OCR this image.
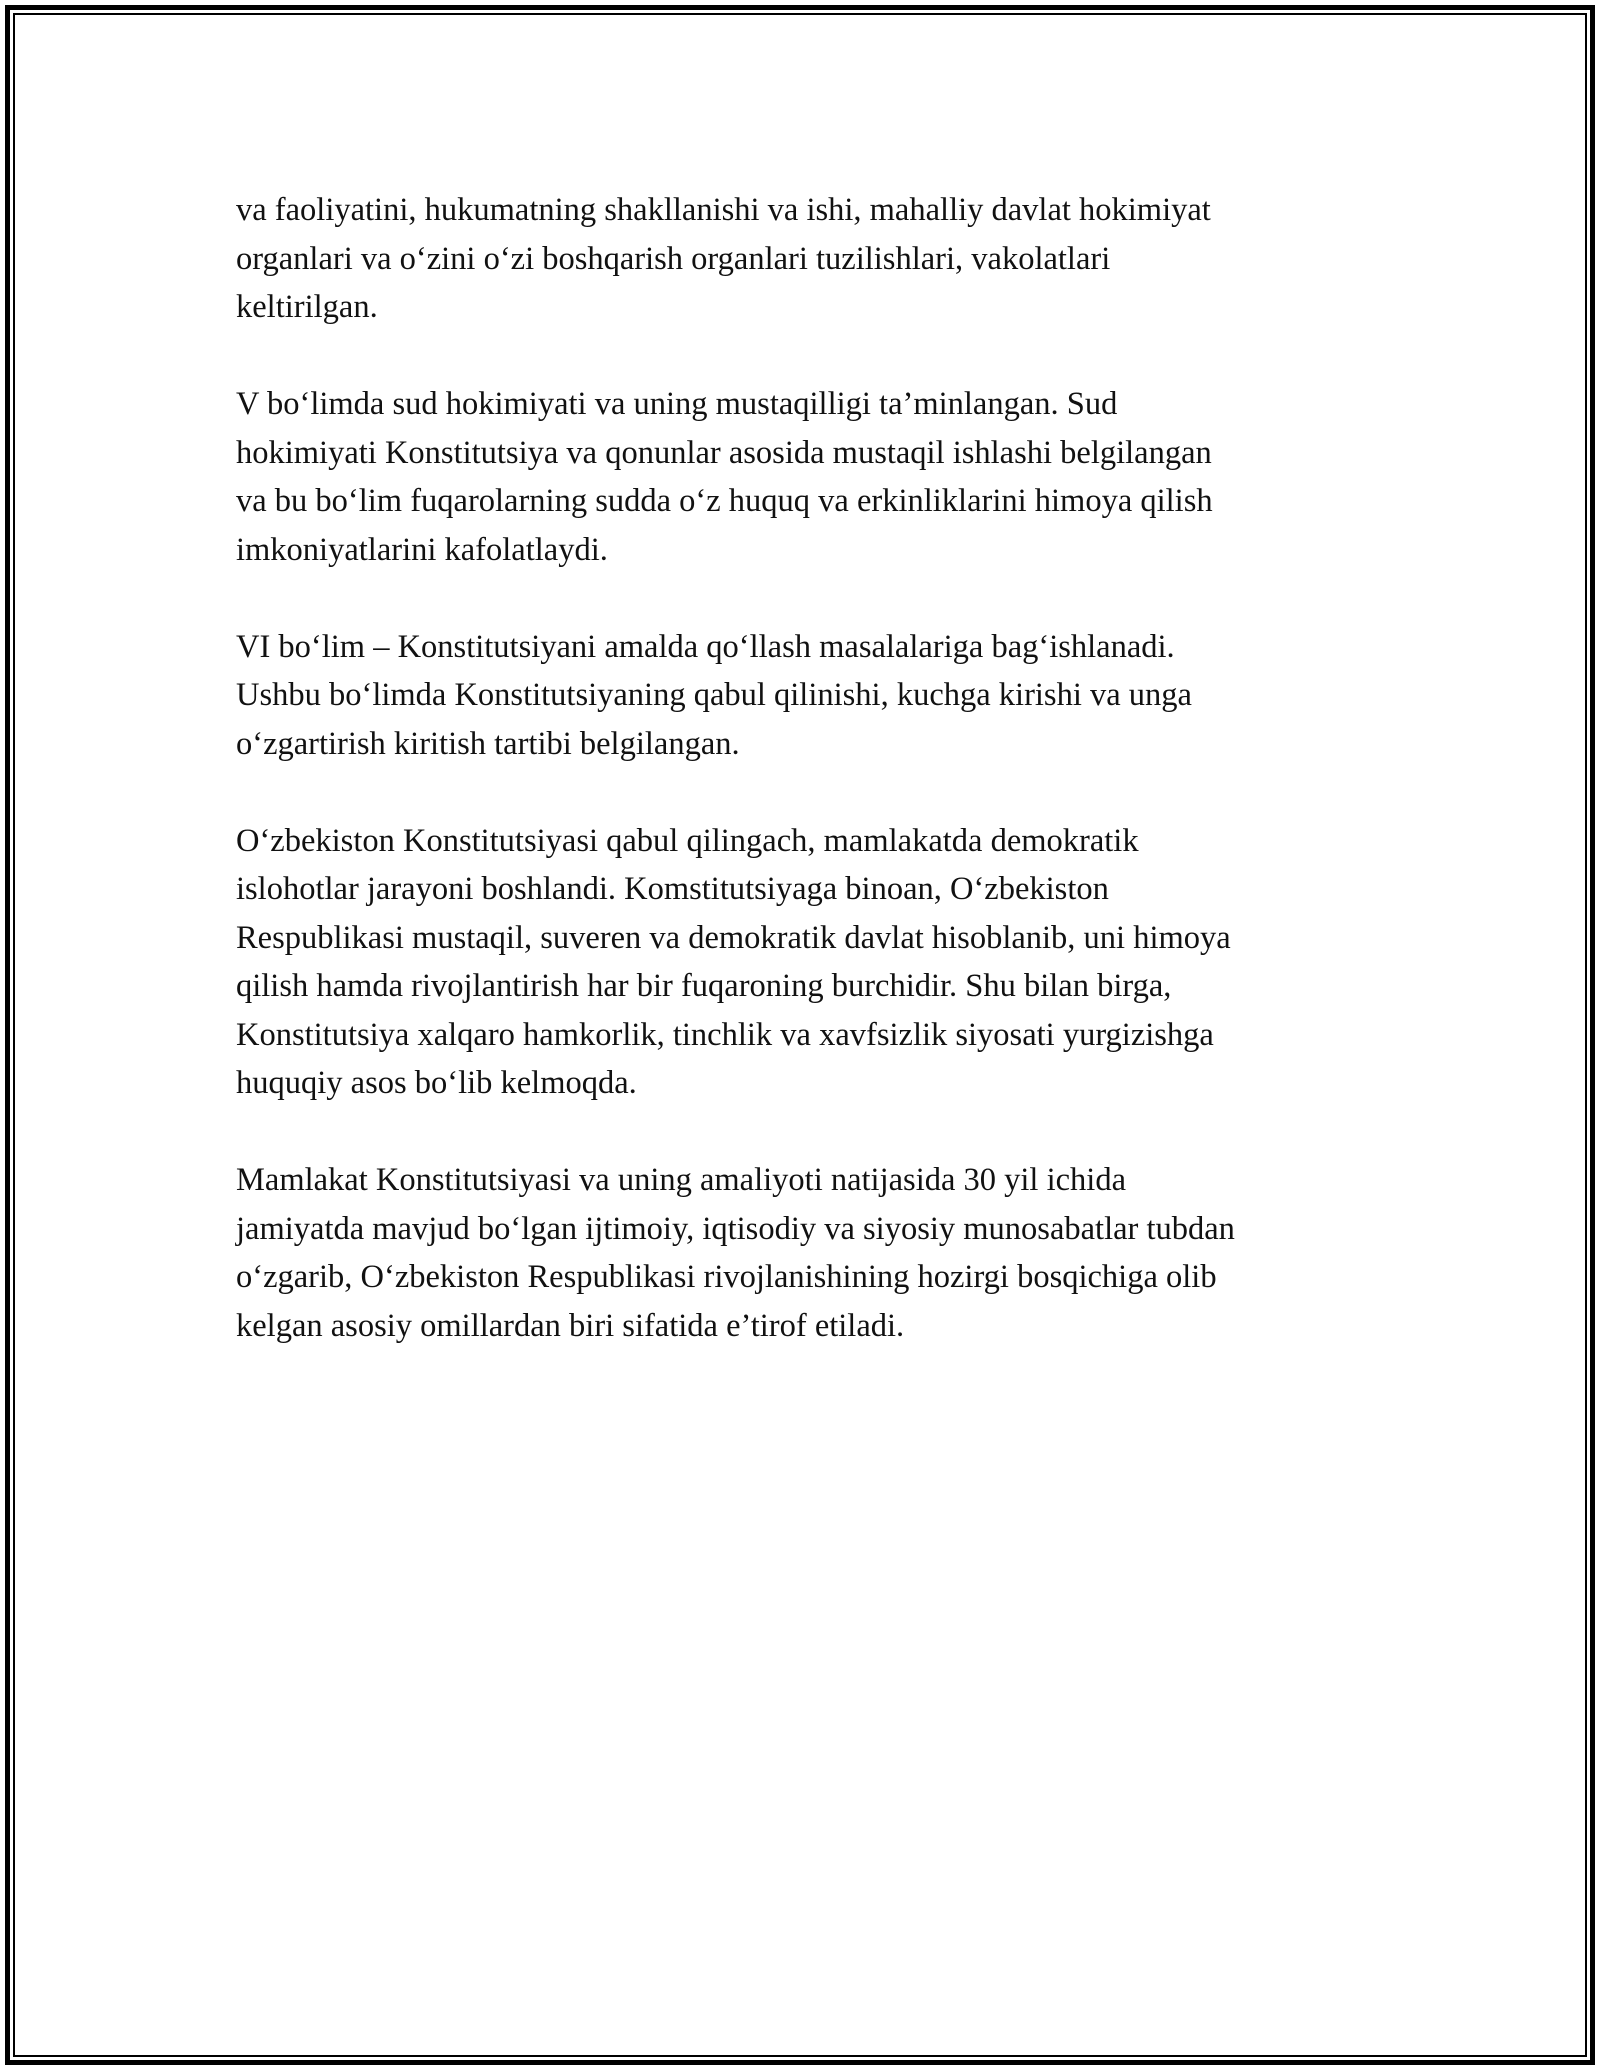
va faoliyatini, hukumatning shakllanishi va ishi, mahalliy davlat hokimiyat
organlari va o‘zini o‘zi boshqarish organlari tuzilishlari, vakolatlari
keltirilgan.

V bo‘limda sud hokimiyati va uning mustaqilligi ta’minlangan. Sud
hokimiyati Konstitutsiya va qonunlar asosida mustaqil ishlashi belgilangan
va bu bo‘lim fuqarolarning sudda o‘z huquq va erkinliklarini himoya qilish
imkoniyatlarini kafolatlaydi.

VI bo‘lim – Konstitutsiyani amalda qo‘llash masalalariga bag‘ishlanadi.
Ushbu bo‘limda Konstitutsiyaning qabul qilinishi, kuchga kirishi va unga
o‘zgartirish kiritish tartibi belgilangan.

O‘zbekiston Konstitutsiyasi qabul qilingach, mamlakatda demokratik
islohotlar jarayoni boshlandi. Komstitutsiyaga binoan, O‘zbekiston
Respublikasi mustaqil, suveren va demokratik davlat hisoblanib, uni himoya
qilish hamda rivojlantirish har bir fuqaroning burchidir. Shu bilan birga,
Konstitutsiya xalqaro hamkorlik, tinchlik va xavfsizlik siyosati yurgizishga
huquqiy asos bo‘lib kelmoqda.

Mamlakat Konstitutsiyasi va uning amaliyoti natijasida 30 yil ichida
jamiyatda mavjud bo‘lgan ijtimoiy, iqtisodiy va siyosiy munosabatlar tubdan
o‘zgarib, O‘zbekiston Respublikasi rivojlanishining hozirgi bosqichiga olib
kelgan asosiy omillardan biri sifatida e’tirof etiladi.
